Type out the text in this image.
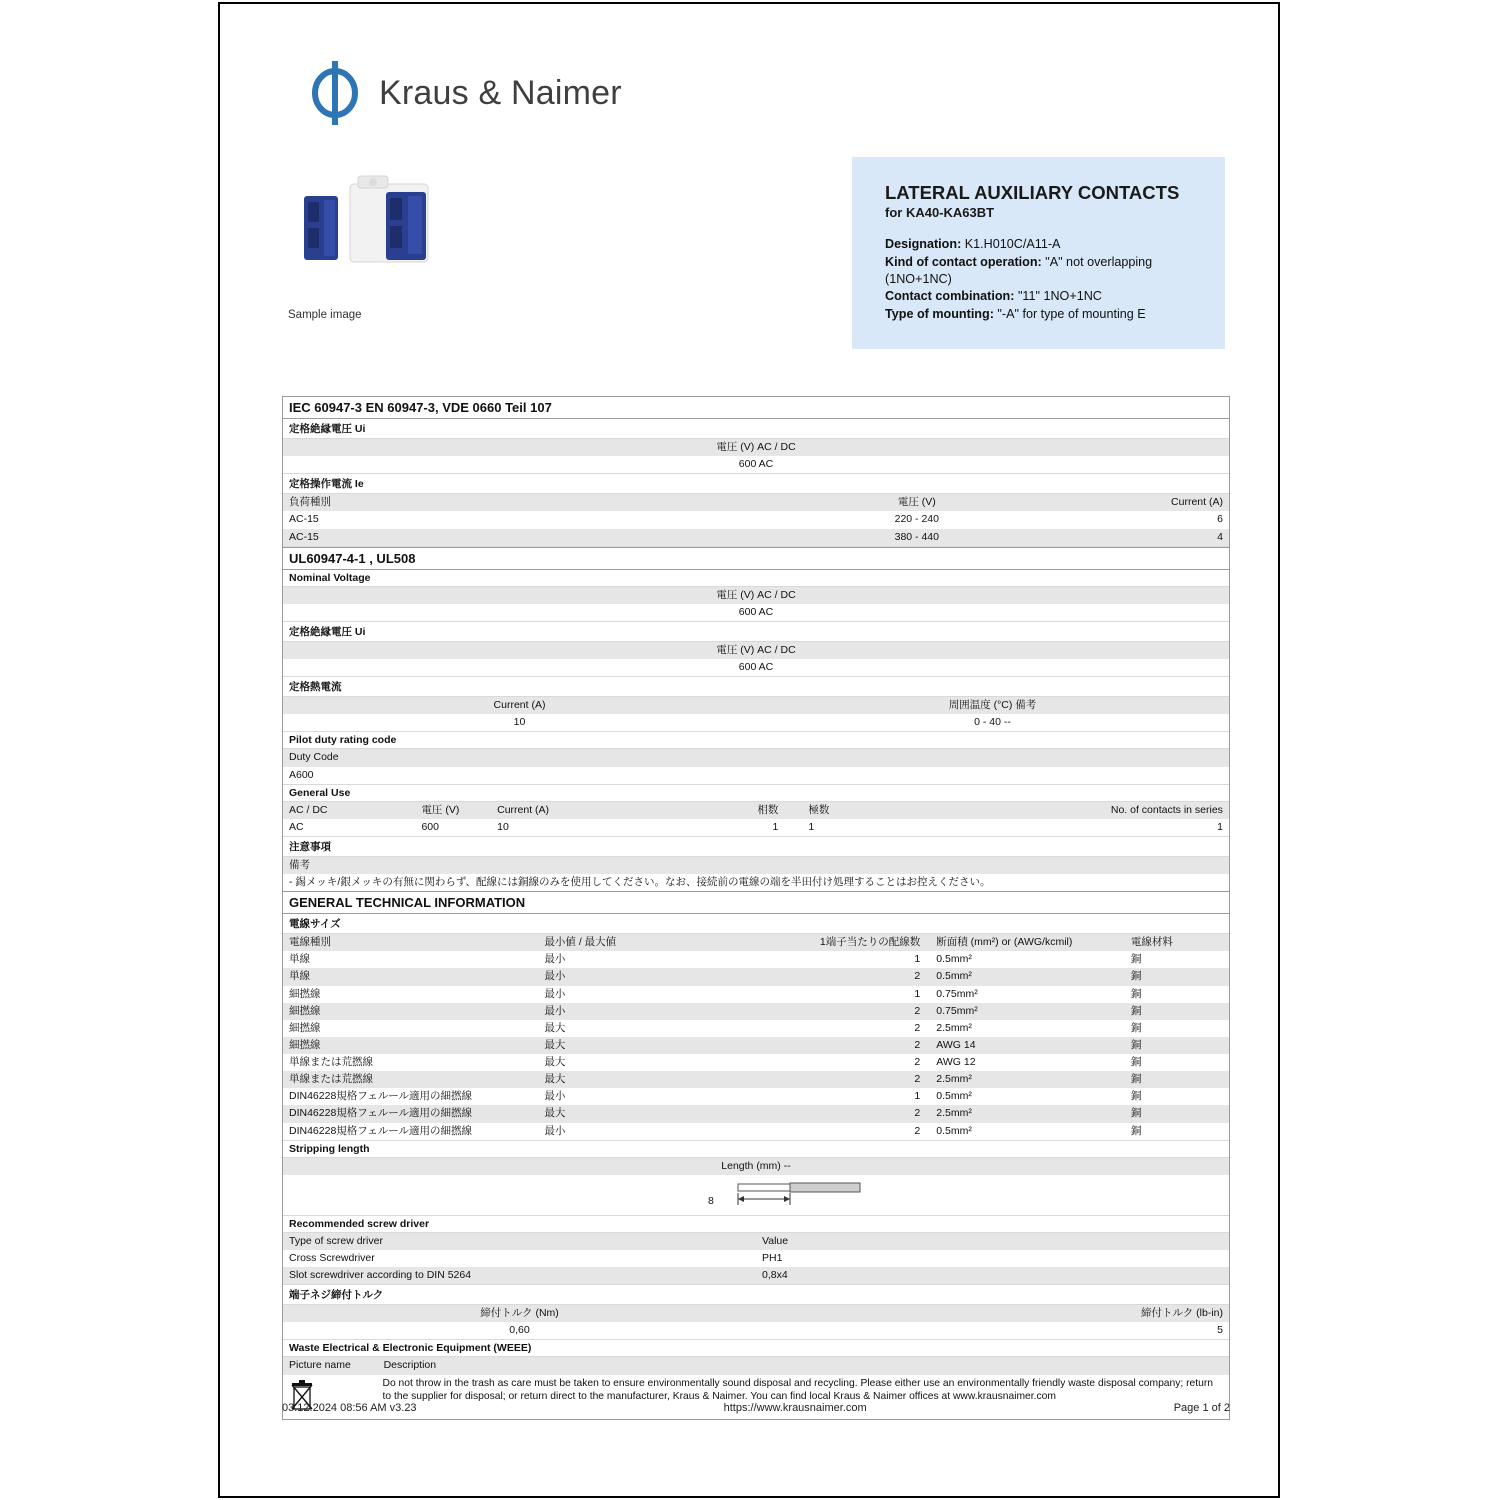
Kraus & Naimer
Sample image
LATERAL AUXILIARY CONTACTS
for KA40-KA63BT
Designation: K1.H010C/A11-A
Kind of contact operation: "A" not overlapping (1NO+1NC)
Contact combination: "11" 1NO+1NC
Type of mounting: "-A" for type of mounting E
IEC 60947-3 EN 60947-3, VDE 0660 Teil 107
定格絶縁電圧 Ui
電圧 (V) AC / DC
600 AC
定格操作電流 Ie
負荷種別	電圧 (V)	Current (A)
AC-15	220 - 240	6
AC-15	380 - 440	4
UL60947-4-1 , UL508
Nominal Voltage
電圧 (V) AC / DC
600 AC
定格絶縁電圧 Ui
電圧 (V) AC / DC
600 AC
定格熱電流
Current (A)	周囲温度 (°C) 備考
10	0 - 40 --
Pilot duty rating code
Duty Code
A600
General Use
AC / DC	電圧 (V)	Current (A)	相数	極数	No. of contacts in series
AC	600	10	1	1	1
注意事項
備考
- 錫メッキ/銀メッキの有無に関わらず、配線には銅線のみを使用してください。なお、接続前の電線の端を半田付け処理することはお控えください。
GENERAL TECHNICAL INFORMATION
電線サイズ
電線種別	最小値 / 最大値	1端子当たりの配線数	断面積 (mm²) or (AWG/kcmil)	電線材料
単線	最小	1	0.5mm²	銅
単線	最小	2	0.5mm²	銅
細撚線	最小	1	0.75mm²	銅
細撚線	最小	2	0.75mm²	銅
細撚線	最大	2	2.5mm²	銅
細撚線	最大	2	AWG 14	銅
単線または荒撚線	最大	2	AWG 12	銅
単線または荒撚線	最大	2	2.5mm²	銅
DIN46228規格フェルール適用の細撚線	最小	1	0.5mm²	銅
DIN46228規格フェルール適用の細撚線	最大	2	2.5mm²	銅
DIN46228規格フェルール適用の細撚線	最小	2	0.5mm²	銅
Stripping length
Length (mm) --
8
Recommended screw driver
Type of screw driver	Value
Cross Screwdriver	PH1
Slot screwdriver according to DIN 5264	0,8x4
端子ネジ締付トルク
締付トルク (Nm)	締付トルク (lb-in)
0,60	5
Waste Electrical & Electronic Equipment (WEEE)
Picture name	Description
Do not throw in the trash as care must be taken to ensure environmentally sound disposal and recycling. Please either use an environmentally friendly waste disposal company; return to the supplier for disposal; or return direct to the manufacturer, Kraus & Naimer. You can find local Kraus & Naimer offices at www.krausnaimer.com
03.12.2024 08:56 AM v3.23	https://www.krausnaimer.com	Page 1 of 2
